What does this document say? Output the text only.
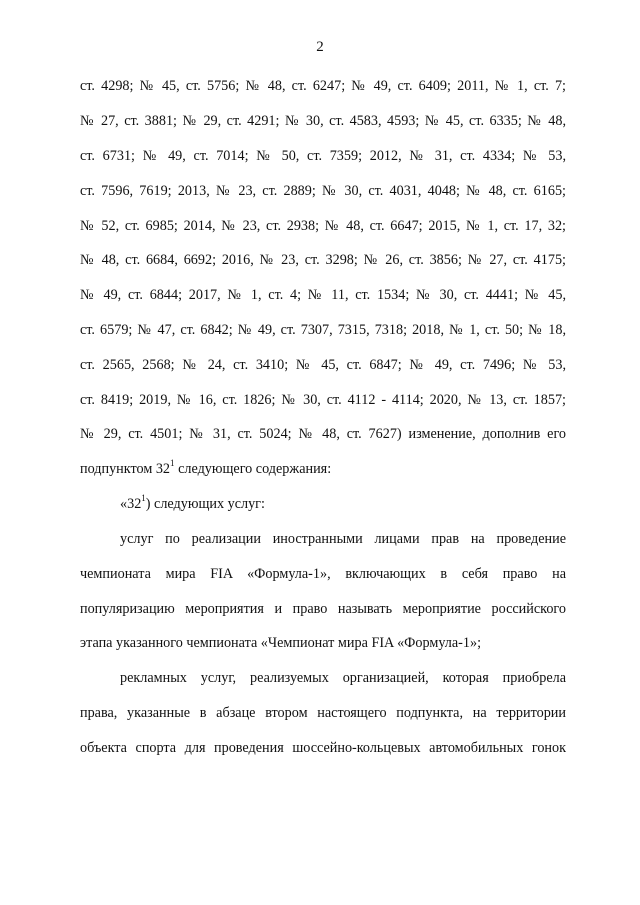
2
ст. 4298; № 45, ст. 5756; № 48, ст. 6247; № 49, ст. 6409; 2011, № 1, ст. 7;
№ 27, ст. 3881; № 29, ст. 4291; № 30, ст. 4583, 4593; № 45, ст. 6335; № 48,
ст. 6731; № 49, ст. 7014; № 50, ст. 7359; 2012, № 31, ст. 4334; № 53,
ст. 7596, 7619; 2013, № 23, ст. 2889; № 30, ст. 4031, 4048; № 48, ст. 6165;
№ 52, ст. 6985; 2014, № 23, ст. 2938; № 48, ст. 6647; 2015, № 1, ст. 17, 32;
№ 48, ст. 6684, 6692; 2016, № 23, ст. 3298; № 26, ст. 3856; № 27, ст. 4175;
№ 49, ст. 6844; 2017, № 1, ст. 4; № 11, ст. 1534; № 30, ст. 4441; № 45,
ст. 6579; № 47, ст. 6842; № 49, ст. 7307, 7315, 7318; 2018, № 1, ст. 50; № 18,
ст. 2565, 2568; № 24, ст. 3410; № 45, ст. 6847; № 49, ст. 7496; № 53,
ст. 8419; 2019, № 16, ст. 1826; № 30, ст. 4112 - 4114; 2020, № 13, ст. 1857;
№ 29, ст. 4501; № 31, ст. 5024; № 48, ст. 7627) изменение, дополнив его
подпунктом $32^1$ следующего содержания:
«$32^1$) следующих услуг:
услуг по реализации иностранными лицами прав на проведение
чемпионата мира FIA «Формула-1», включающих в себя право на
популяризацию мероприятия и право называть мероприятие российского
этапа указанного чемпионата «Чемпионат мира FIA «Формула-1»;
рекламных услуг, реализуемых организацией, которая приобрела
права, указанные в абзаце втором настоящего подпункта, на территории
объекта спорта для проведения шоссейно-кольцевых автомобильных гонок
